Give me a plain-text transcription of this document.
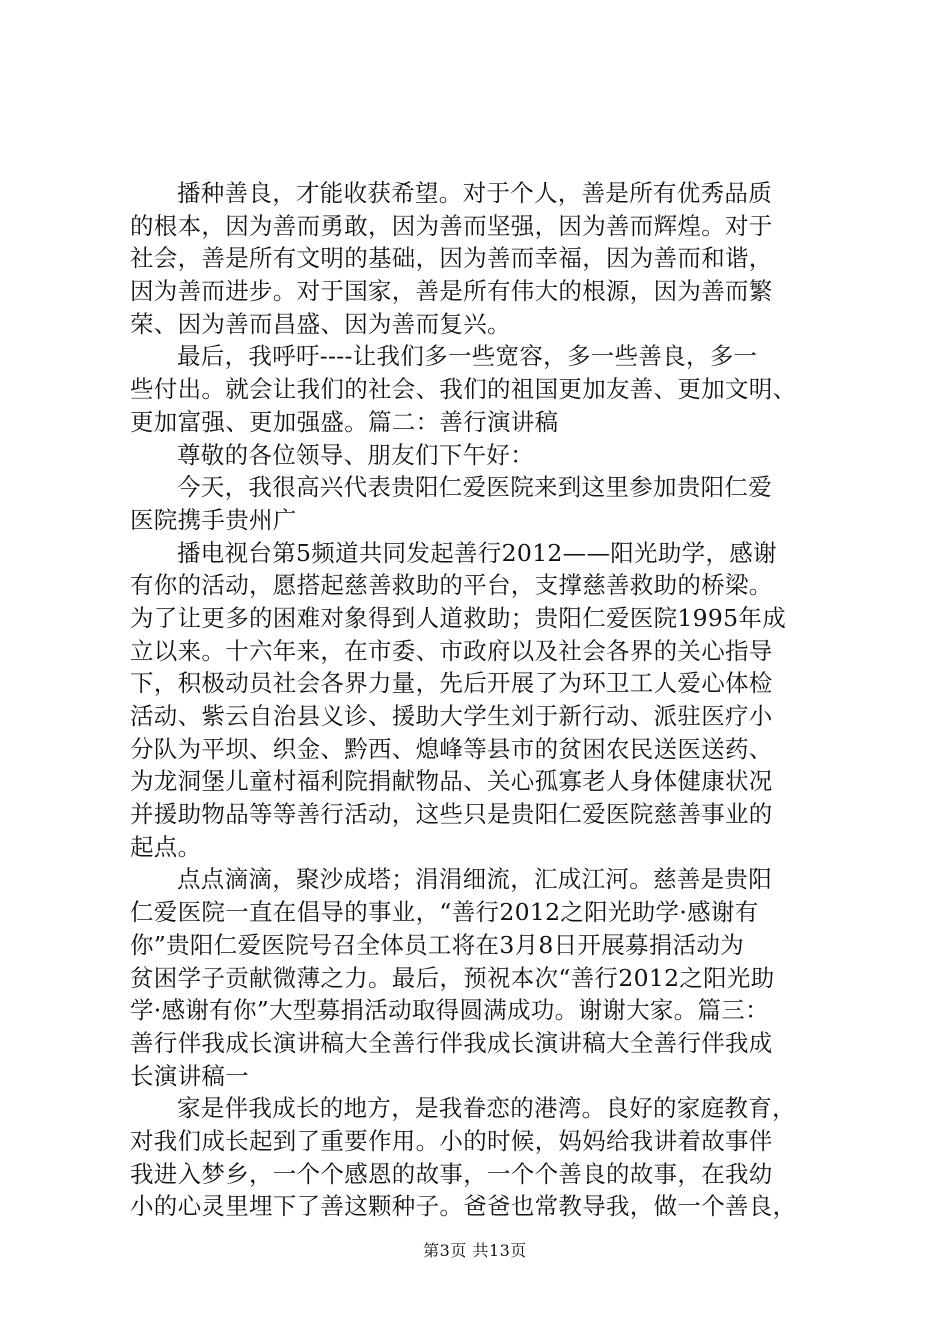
播种善良，才能收获希望。对于个人，善是所有优秀品质
的根本，因为善而勇敢，因为善而坚强，因为善而辉煌。对于
社会，善是所有文明的基础，因为善而幸福，因为善而和谐，
因为善而进步。对于国家，善是所有伟大的根源，因为善而繁
荣、因为善而昌盛、因为善而复兴。
最后，我呼吁----让我们多一些宽容，多一些善良，多一
些付出。就会让我们的社会、我们的祖国更加友善、更加文明、
更加富强、更加强盛。篇二：善行演讲稿
尊敬的各位领导、朋友们下午好：
今天，我很高兴代表贵阳仁爱医院来到这里参加贵阳仁爱
医院携手贵州广
播电视台第5频道共同发起善行2012——阳光助学，感谢
有你的活动，愿搭起慈善救助的平台，支撑慈善救助的桥梁。
为了让更多的困难对象得到人道救助；贵阳仁爱医院1995年成
立以来。十六年来，在市委、市政府以及社会各界的关心指导
下，积极动员社会各界力量，先后开展了为环卫工人爱心体检
活动、紫云自治县义诊、援助大学生刘于新行动、派驻医疗小
分队为平坝、织金、黔西、熄峰等县市的贫困农民送医送药、
为龙洞堡儿童村福利院捐献物品、关心孤寡老人身体健康状况
并援助物品等等善行活动，这些只是贵阳仁爱医院慈善事业的
起点。
点点滴滴，聚沙成塔；涓涓细流，汇成江河。慈善是贵阳
仁爱医院一直在倡导的事业，“善行2012之阳光助学·感谢有
你”贵阳仁爱医院号召全体员工将在3月8日开展募捐活动为
贫困学子贡献微薄之力。最后，预祝本次“善行2012之阳光助
学·感谢有你”大型募捐活动取得圆满成功。谢谢大家。篇三：
善行伴我成长演讲稿大全善行伴我成长演讲稿大全善行伴我成
长演讲稿一
家是伴我成长的地方，是我眷恋的港湾。良好的家庭教育，
对我们成长起到了重要作用。小的时候，妈妈给我讲着故事伴
我进入梦乡，一个个感恩的故事，一个个善良的故事，在我幼
小的心灵里埋下了善这颗种子。爸爸也常教导我，做一个善良，
第3页 共13页
